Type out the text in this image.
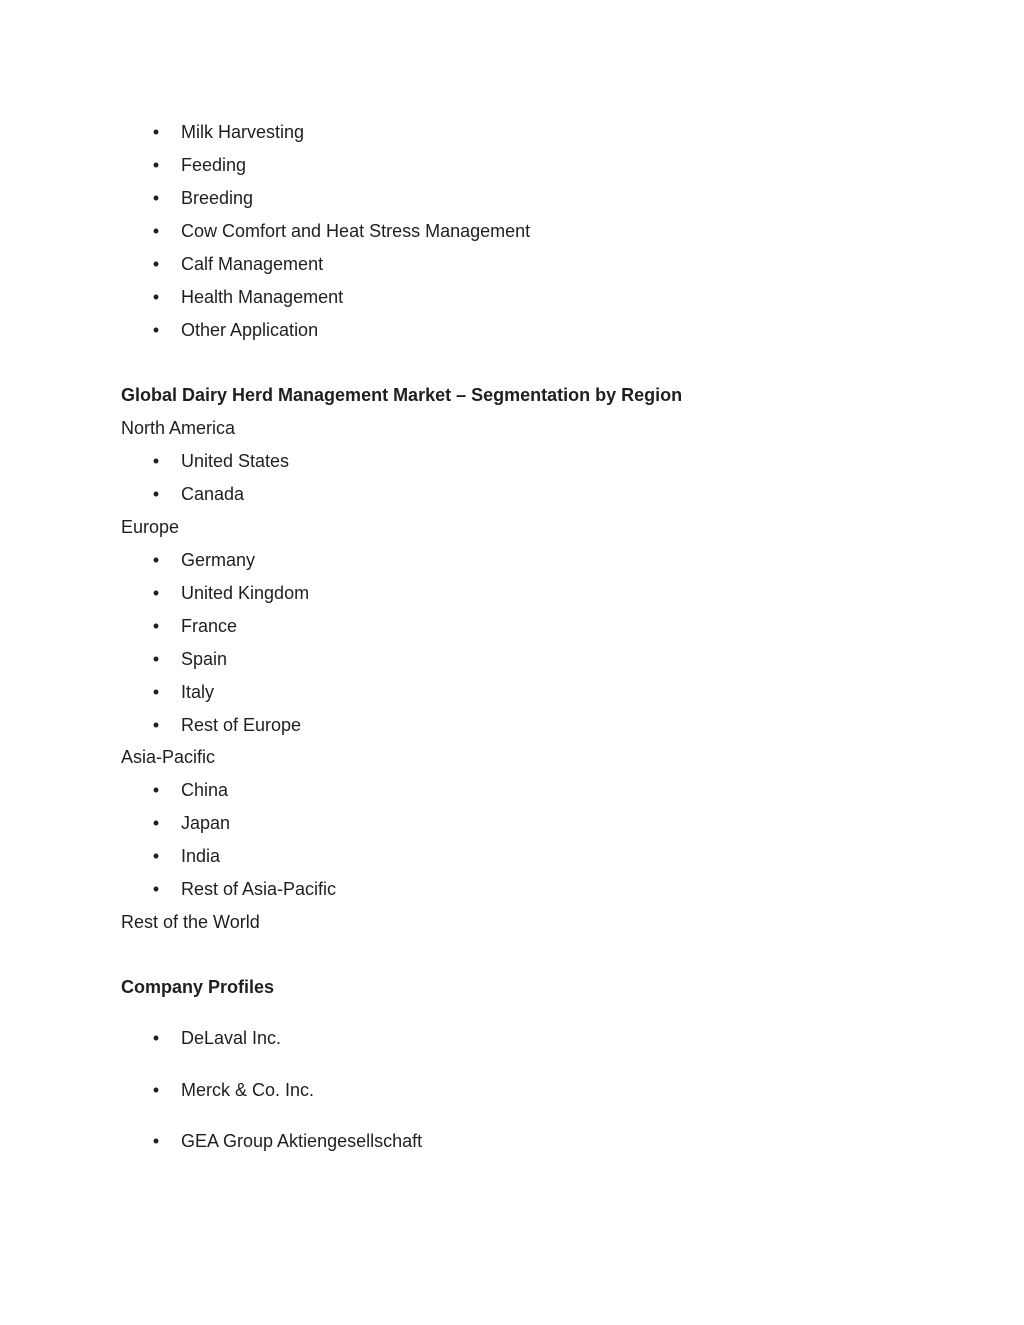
• Milk Harvesting
• Feeding
• Breeding
• Cow Comfort and Heat Stress Management
• Calf Management
• Health Management
• Other Application
Global Dairy Herd Management Market – Segmentation by Region
North America
• United States
• Canada
Europe
• Germany
• United Kingdom
• France
• Spain
• Italy
• Rest of Europe
Asia-Pacific
• China
• Japan
• India
• Rest of Asia-Pacific
Rest of the World
Company Profiles
• DeLaval Inc.
• Merck & Co. Inc.
• GEA Group Aktiengesellschaft
